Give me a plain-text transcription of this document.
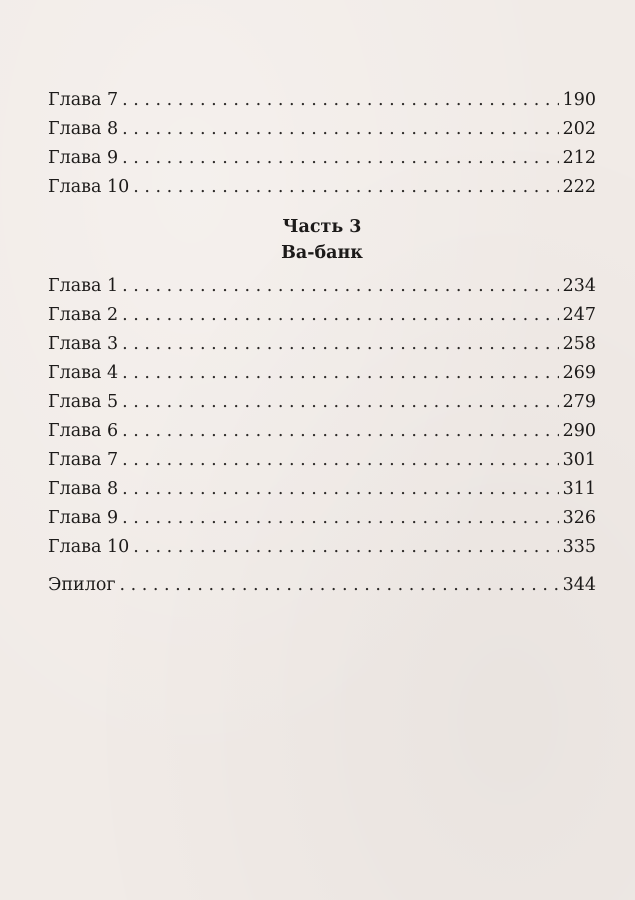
Глава 7 . . .	190
Глава 8 . . .	202
Глава 9 . . .	212
Глава 10 . . .	222
Часть 3
Ва-банк
Глава 1 . . .	234
Глава 2 . . .	247
Глава 3 . . .	258
Глава 4 . . .	269
Глава 5 . . .	279
Глава 6 . . .	290
Глава 7 . . .	301
Глава 8 . . .	311
Глава 9 . . .	326
Глава 10 . . .	335
Эпилог . . .	344
